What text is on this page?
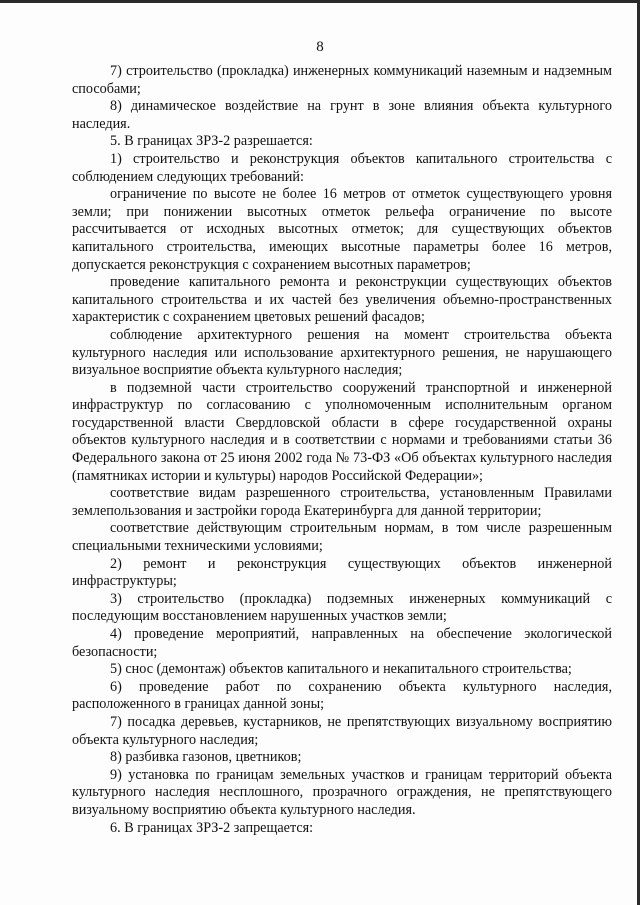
8

7) строительство (прокладка) инженерных коммуникаций наземным и надземным способами;

8) динамическое воздействие на грунт в зоне влияния объекта культурного наследия.

5. В границах ЗРЗ-2 разрешается:

1) строительство и реконструкция объектов капитального строительства с соблюдением следующих требований:

ограничение по высоте не более 16 метров от отметок существующего уровня земли; при понижении высотных отметок рельефа ограничение по высоте рассчитывается от исходных высотных отметок; для существующих объектов капитального строительства, имеющих высотные параметры более 16 метров, допускается реконструкция с сохранением высотных параметров;

проведение капитального ремонта и реконструкции существующих объектов капитального строительства и их частей без увеличения объемно-пространственных характеристик с сохранением цветовых решений фасадов;

соблюдение архитектурного решения на момент строительства объекта культурного наследия или использование архитектурного решения, не нарушающего визуальное восприятие объекта культурного наследия;

в подземной части строительство сооружений транспортной и инженерной инфраструктур по согласованию с уполномоченным исполнительным органом государственной власти Свердловской области в сфере государственной охраны объектов культурного наследия и в соответствии с нормами и требованиями статьи 36 Федерального закона от 25 июня 2002 года № 73-ФЗ «Об объектах культурного наследия (памятниках истории и культуры) народов Российской Федерации»;

соответствие видам разрешенного строительства, установленным Правилами землепользования и застройки города Екатеринбурга для данной территории;

соответствие действующим строительным нормам, в том числе разрешенным специальными техническими условиями;

2) ремонт и реконструкция существующих объектов инженерной инфраструктуры;

3) строительство (прокладка) подземных инженерных коммуникаций с последующим восстановлением нарушенных участков земли;

4) проведение мероприятий, направленных на обеспечение экологической безопасности;

5) снос (демонтаж) объектов капитального и некапитального строительства;

6) проведение работ по сохранению объекта культурного наследия, расположенного в границах данной зоны;

7) посадка деревьев, кустарников, не препятствующих визуальному восприятию объекта культурного наследия;

8) разбивка газонов, цветников;

9) установка по границам земельных участков и границам территорий объекта культурного наследия несплошного, прозрачного ограждения, не препятствующего визуальному восприятию объекта культурного наследия.

6. В границах ЗРЗ-2 запрещается:
